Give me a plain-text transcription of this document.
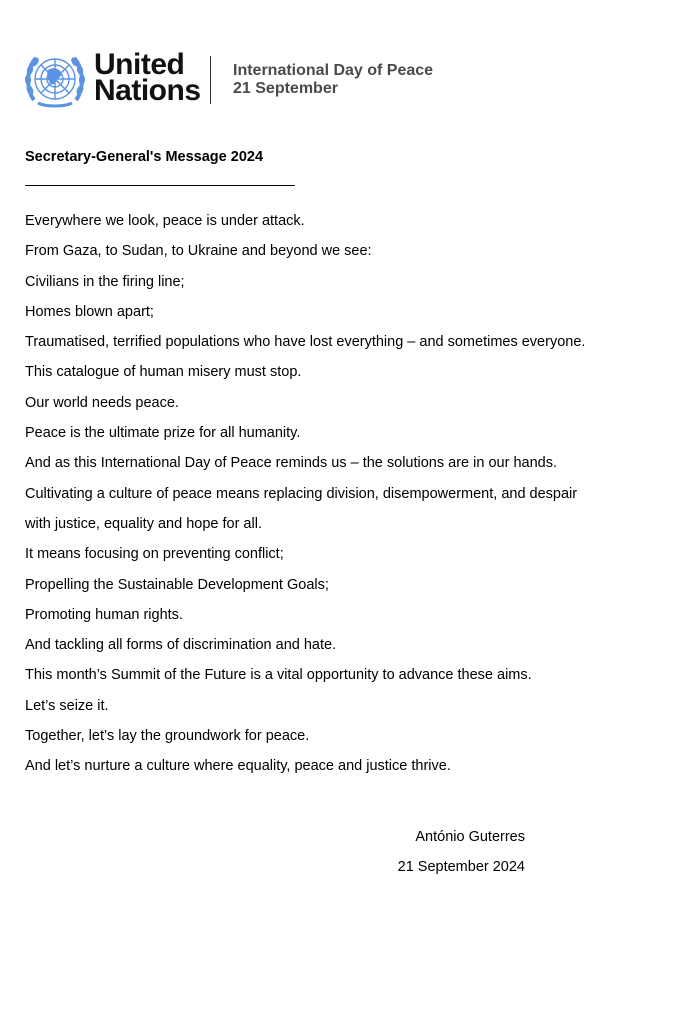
United
Nations
International Day of Peace
21 September
Secretary-General's Message 2024
Everywhere we look, peace is under attack.
From Gaza, to Sudan, to Ukraine and beyond we see:
Civilians in the firing line;
Homes blown apart;
Traumatised, terrified populations who have lost everything – and sometimes everyone.
This catalogue of human misery must stop.
Our world needs peace.
Peace is the ultimate prize for all humanity.
And as this International Day of Peace reminds us – the solutions are in our hands.
Cultivating a culture of peace means replacing division, disempowerment, and despair
with justice, equality and hope for all.
It means focusing on preventing conflict;
Propelling the Sustainable Development Goals;
Promoting human rights.
And tackling all forms of discrimination and hate.
This month’s Summit of the Future is a vital opportunity to advance these aims.
Let’s seize it.
Together, let’s lay the groundwork for peace.
And let’s nurture a culture where equality, peace and justice thrive.
António Guterres
21 September 2024
